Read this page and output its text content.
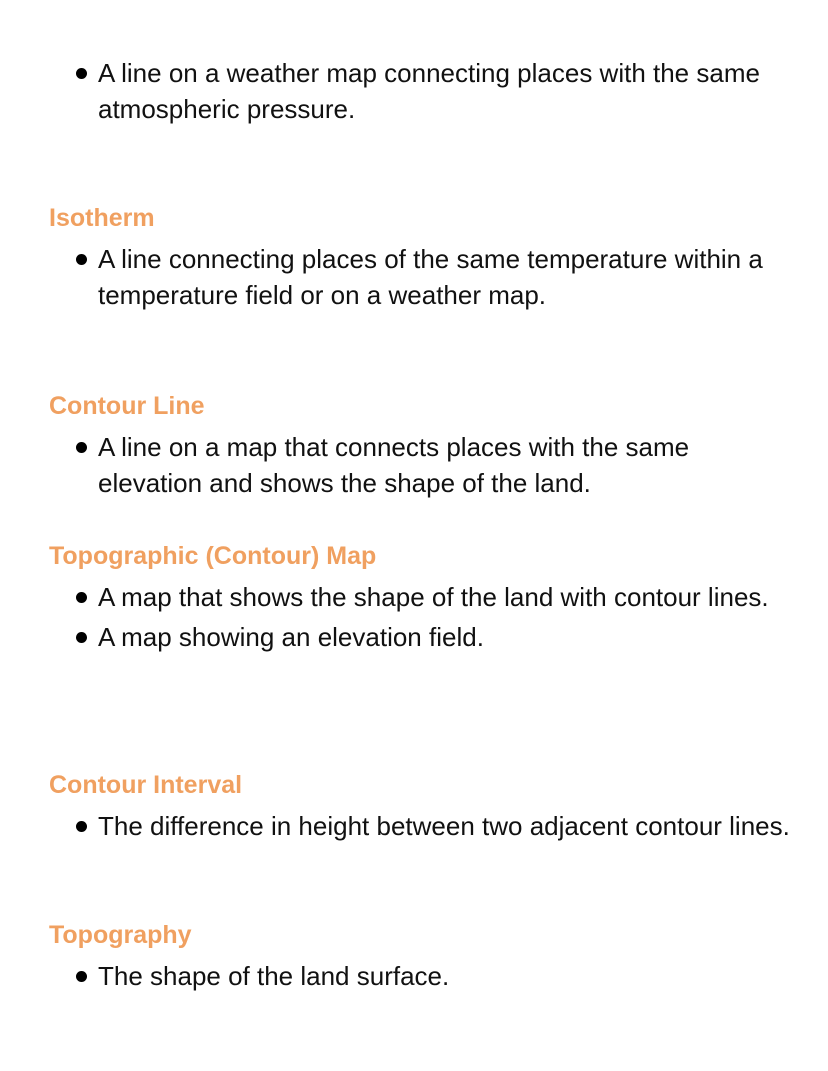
A line on a weather map connecting places with the same atmospheric pressure.
Isotherm
A line connecting places of the same temperature within a temperature field or on a weather map.
Contour Line
A line on a map that connects places with the same elevation and shows the shape of the land.
Topographic (Contour) Map
A map that shows the shape of the land with contour lines.
A map showing an elevation field.
Contour Interval
The difference in height between two adjacent contour lines.
Topography
The shape of the land surface.
